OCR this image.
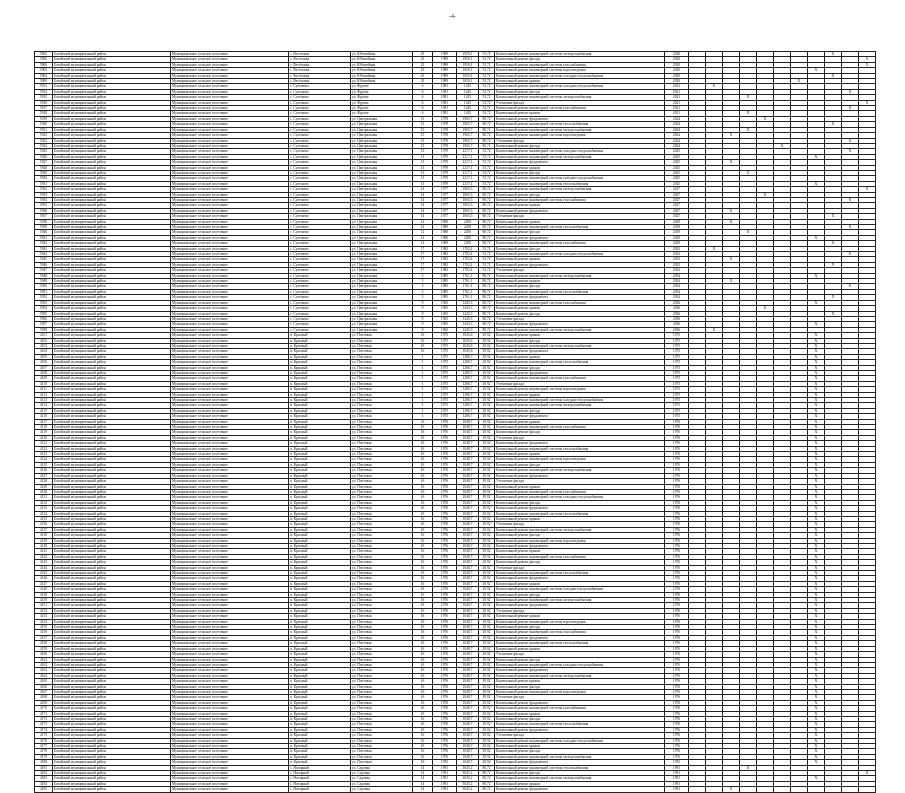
-4-
5902	Батайский муниципальный район	Муниципальное сельское поселение	с. Весёловка	ул. Юбилейная	23	1989	1950,1	53,72	Капитальный ремонт инженерной системы электроснабжения	2020									X		
5906	Батайский муниципальный район	Муниципальное сельское поселение	с. Весёловка	ул. Юбилейная	23	1989	1950,1	53,72	Капитальный ремонт фасада	2020											X
5906	Батайский муниципальный район	Муниципальное сельское поселение	с. Весёловка	ул. Юбилейная	23	1989	1950,1	53,72	Капитальный ремонт инженерной системы газоснабжения	2020											X
5905	Батайский муниципальный район	Муниципальное сельское поселение	с. Весёловка	ул. Юбилейная	23	1989	1650,1	53,72	Капитальный ремонт инженерной системы водоотведения	2020								X			
5904	Батайский муниципальный район	Муниципальное сельское поселение	с. Весёловка	ул. Юбилейная	23	1989	1650,1	53,72	Капитальный ремонт инженерной системы холодного водоснабжения	2020									X		
5909	Батайский муниципальный район	Муниципальное сельское поселение	с. Весёловка	ул. Юбилейная	23	1989	1650,1	53,72	Капитальный ремонт крыши	2020							X				
5913	Батайский муниципальный район	Муниципальное сельское поселение	с. Сулешово	ул. Фрунзе	6	1981	1245	53,72	Капитальный ремонт инженерной системы холодного водоснабжения	2021		X									
5914	Батайский муниципальный район	Муниципальное сельское поселение	с. Сулешово	ул. Фрунзе	6	1981	1245	53,72	Капитальный ремонт фасада	2021										X	
5915	Батайский муниципальный район	Муниципальное сельское поселение	с. Сулешово	ул. Фрунзе	6	1981	1245	53,72	Капитальный ремонт инженерной системы электроснабжения	2021				X							
5916	Батайский муниципальный район	Муниципальное сельское поселение	с. Сулешово	ул. Фрунзе	6	1981	1245	53,72	Утепление фасада	2021											X
5917	Батайский муниципальный район	Муниципальное сельское поселение	с. Сулешово	ул. Фрунзе	6	1981	1245	53,72	Капитальный ремонт инженерной системы газоснабжения	2021										X	
5918	Батайский муниципальный район	Муниципальное сельское поселение	с. Сулешово	ул. Фрунзе	6	1981	1245	53,72	Капитальный ремонт крыши	2021				X							
5919	Батайский муниципальный район	Муниципальное сельское поселение	с. Сулешово	ул. Центральная	15	1978	1965,7	80,72	Капитальный ремонт фундамента	2024					X						
5920	Батайский муниципальный район	Муниципальное сельское поселение	с. Сулешово	ул. Центральная	15	1978	1965,7	80,72	Капитальный ремонт инженерной системы теплоснабжения	2024									X		
5921	Батайский муниципальный район	Муниципальное сельское поселение	с. Сулешово	ул. Центральная	15	1978	1965,7	80,72	Капитальный ремонт инженерной системы электроснабжения	2024				X							
5922	Батайский муниципальный район	Муниципальное сельское поселение	с. Сулешово	ул. Центральная	15	1978	1965,7	80,72	Капитальный ремонт инженерной системы водоотведения	2024			X								
5923	Батайский муниципальный район	Муниципальное сельское поселение	с. Сулешово	ул. Центральная	15	1978	1965,7	80,72	Утепление фасада	2024										X	
5924	Батайский муниципальный район	Муниципальное сельское поселение	с. Сулешово	ул. Центральная	15	1978	1965,7	80,72	Капитальный ремонт фасада	2024						X					
5925	Батайский муниципальный район	Муниципальное сельское поселение	с. Сулешово	ул. Центральная	13	1979	2217,1	53,72	Капитальный ремонт инженерной системы холодного водоснабжения	2025										X	
5926	Батайский муниципальный район	Муниципальное сельское поселение	с. Сулешово	ул. Центральная	13	1979	2217,1	53,72	Капитальный ремонт инженерной системы электроснабжения	2025								X			
5927	Батайский муниципальный район	Муниципальное сельское поселение	с. Сулешово	ул. Центральная	13	1979	2217,1	53,72	Капитальный ремонт фундамента	2025			X								
5928	Батайский муниципальный район	Муниципальное сельское поселение	с. Сулешово	ул. Центральная	13	1979	2217,1	53,72	Капитальный ремонт крыши	2025											
5929	Батайский муниципальный район	Муниципальное сельское поселение	с. Сулешово	ул. Центральная	13	1979	2217,1	53,72	Капитальный ремонт фасада	2025				X							
5930	Батайский муниципальный район	Муниципальное сельское поселение	с. Сулешово	ул. Центральная	13	1979	2217,1	53,72	Капитальный ремонт инженерной системы холодного водоснабжения	2025											
5931	Батайский муниципальный район	Муниципальное сельское поселение	с. Сулешово	ул. Центральная	13	1979	2217,1	53,72	Капитальный ремонт инженерной системы теплоснабжения	2025								X			
5932	Батайский муниципальный район	Муниципальное сельское поселение	с. Сулешово	ул. Центральная	14	1977	1065,5	80,72	Капитальный ремонт инженерной системы электроснабжения	2027											X
5933	Батайский муниципальный район	Муниципальное сельское поселение	с. Сулешово	ул. Центральная	14	1977	1065,5	80,72	Капитальный ремонт фасада	2027					X						
5934	Батайский муниципальный район	Муниципальное сельское поселение	с. Сулешово	ул. Центральная	14	1977	1065,5	80,72	Капитальный ремонт инженерной системы газоснабжения	2027										X	
5935	Батайский муниципальный район	Муниципальное сельское поселение	с. Сулешово	ул. Центральная	14	1977	1065,5	80,72	Капитальный ремонт крыши	2027											
5936	Батайский муниципальный район	Муниципальное сельское поселение	с. Сулешово	ул. Центральная	14	1977	1065,5	80,72	Капитальный ремонт фундамента	2027			X								
5937	Батайский муниципальный район	Муниципальное сельское поселение	с. Сулешово	ул. Центральная	14	1977	1065,5	80,72	Утепление фасада	2027									X		
5938	Батайский муниципальный район	Муниципальное сельское поселение	с. Сулешово	ул. Центральная	12	1980	2200	80,72	Капитальный ремонт крыши	2029			X								
5939	Батайский муниципальный район	Муниципальное сельское поселение	с. Сулешово	ул. Центральная	12	1980	2200	80,72	Капитальный ремонт инженерной системы теплоснабжения	2029										X	
5940	Батайский муниципальный район	Муниципальное сельское поселение	с. Сулешово	ул. Центральная	12	1980	2200	80,72	Капитальный ремонт фасада	2029				X							
5941	Батайский муниципальный район	Муниципальное сельское поселение	с. Сулешово	ул. Центральная	12	1980	2200	80,72	Капитальный ремонт фундамента	2029								X			
5942	Батайский муниципальный район	Муниципальное сельское поселение	с. Сулешово	ул. Центральная	12	1980	2200	80,72	Капитальный ремонт инженерной системы газоснабжения	2029									X		
5943	Батайский муниципальный район	Муниципальное сельское поселение	с. Сулешово	ул. Центральная	17	1982	1702,4	53,72	Капитальный ремонт фасада	2032		X									
5944	Батайский муниципальный район	Муниципальное сельское поселение	с. Сулешово	ул. Центральная	17	1982	1702,4	53,72	Капитальный ремонт инженерной системы холодного водоснабжения	2032										X	
5945	Батайский муниципальный район	Муниципальное сельское поселение	с. Сулешово	ул. Центральная	17	1982	1702,4	53,72	Капитальный ремонт крыши	2032			X								
5946	Батайский муниципальный район	Муниципальное сельское поселение	с. Сулешово	ул. Центральная	17	1982	1702,4	53,72	Капитальный ремонт фундамента	2032									X		
5947	Батайский муниципальный район	Муниципальное сельское поселение	с. Сулешово	ул. Центральная	17	1982	1702,4	53,72	Утепление фасада	2032											
5948	Батайский муниципальный район	Муниципальное сельское поселение	с. Сулешово	ул. Центральная	3	1985	1761,1	80,72	Капитальный ремонт инженерной системы электроснабжения	2034								X			
5949	Батайский муниципальный район	Муниципальное сельское поселение	с. Сулешово	ул. Центральная	3	1985	1761,1	80,72	Капитальный ремонт крыши	2034			X								
5950	Батайский муниципальный район	Муниципальное сельское поселение	с. Сулешово	ул. Центральная	3	1985	1761,1	80,72	Капитальный ремонт фасада	2034										X	
5951	Батайский муниципальный район	Муниципальное сельское поселение	с. Сулешово	ул. Центральная	3	1985	1761,1	80,72	Капитальный ремонт инженерной системы теплоснабжения	2034											
5952	Батайский муниципальный район	Муниципальное сельское поселение	с. Сулешово	ул. Центральная	3	1985	1761,1	80,72	Капитальный ремонт фундамента	2034									X		
5953	Батайский муниципальный район	Муниципальное сельское поселение	с. Сулешово	ул. Центральная	9	1965	1445,3	80,72	Капитальный ремонт инженерной системы газоснабжения	2036								X			
5954	Батайский муниципальный район	Муниципальное сельское поселение	с. Сулешово	ул. Центральная	9	1965	1445,3	80,72	Капитальный ремонт крыши	2036					X						
5955	Батайский муниципальный район	Муниципальное сельское поселение	с. Сулешово	ул. Центральная	9	1965	1445,3	80,72	Капитальный ремонт фасада	2036									X		
5956	Батайский муниципальный район	Муниципальное сельское поселение	с. Сулешово	ул. Центральная	9	1965	1445,3	80,72	Утепление фасада	2036											
5957	Батайский муниципальный район	Муниципальное сельское поселение	с. Сулешово	ул. Центральная	9	1965	1445,3	80,72	Капитальный ремонт фундамента	2036								X			
5958	Батайский муниципальный район	Муниципальное сельское поселение	с. Сулешово	ул. Центральная	9	1965	1445,3	80,72	Капитальный ремонт инженерной системы электроснабжения	2036		X									
4101	Батайский муниципальный район	Муниципальное сельское поселение	п. Красный	ул. Почтовая	16	1975	1045,6	29,92	Капитальный ремонт крыши	1975								X			
4102	Батайский муниципальный район	Муниципальное сельское поселение	п. Красный	ул. Почтовая	16	1975	1045,6	29,92	Капитальный ремонт фасада	1975								X			
4103	Батайский муниципальный район	Муниципальное сельское поселение	п. Красный	ул. Почтовая	16	1975	1045,6	29,92	Капитальный ремонт инженерной системы электроснабжения	1975								X			
4104	Батайский муниципальный район	Муниципальное сельское поселение	п. Красный	ул. Почтовая	16	1975	1045,6	29,92	Капитальный ремонт фундамента	1975								X			
4105	Батайский муниципальный район	Муниципальное сельское поселение	п. Красный	ул. Почтовая	1	1975	1286,7	29,92	Капитальный ремонт крыши	1975								X			
4106	Батайский муниципальный район	Муниципальное сельское поселение	п. Красный	ул. Почтовая	1	1975	1286,7	29,92	Капитальный ремонт инженерной системы теплоснабжения	1975								X			
4107	Батайский муниципальный район	Муниципальное сельское поселение	п. Красный	ул. Почтовая	1	1975	1286,7	29,92	Капитальный ремонт фасада	1975								X			
4108	Батайский муниципальный район	Муниципальное сельское поселение	п. Красный	ул. Почтовая	1	1975	1286,7	29,92	Капитальный ремонт фундамента	1975								X			
4109	Батайский муниципальный район	Муниципальное сельское поселение	п. Красный	ул. Почтовая	1	1975	1286,7	29,92	Капитальный ремонт инженерной системы газоснабжения	1975								X			
4110	Батайский муниципальный район	Муниципальное сельское поселение	п. Красный	ул. Почтовая	1	1975	1286,7	29,92	Утепление фасада	1975								X			
4111	Батайский муниципальный район	Муниципальное сельское поселение	п. Красный	ул. Почтовая	1	1975	1286,7	29,92	Капитальный ремонт инженерной системы водоотведения	1975								X			
4112	Батайский муниципальный район	Муниципальное сельское поселение	п. Красный	ул. Почтовая	1	1975	1286,7	29,92	Капитальный ремонт крыши	1975								X			
4113	Батайский муниципальный район	Муниципальное сельское поселение	п. Красный	ул. Почтовая	1	1975	1286,7	29,92	Капитальный ремонт инженерной системы холодного водоснабжения	1975								X			
4114	Батайский муниципальный район	Муниципальное сельское поселение	п. Красный	ул. Почтовая	1	1975	1286,7	29,92	Капитальный ремонт инженерной системы электроснабжения	1975								X			
4115	Батайский муниципальный район	Муниципальное сельское поселение	п. Красный	ул. Почтовая	1	1975	1286,7	29,92	Капитальный ремонт фасада	1975								X			
4116	Батайский муниципальный район	Муниципальное сельское поселение	п. Красный	ул. Почтовая	1	1975	1286,7	29,92	Капитальный ремонт фундамента	1975								X			
4117	Батайский муниципальный район	Муниципальное сельское поселение	п. Красный	ул. Почтовая	16	1976	1048,7	29,92	Капитальный ремонт крыши	1976								X			
4118	Батайский муниципальный район	Муниципальное сельское поселение	п. Красный	ул. Почтовая	16	1976	1048,7	29,92	Капитальный ремонт инженерной системы газоснабжения	1976								X			
4119	Батайский муниципальный район	Муниципальное сельское поселение	п. Красный	ул. Почтовая	16	1976	1048,7	29,92	Капитальный ремонт фасада	1976								X			
4120	Батайский муниципальный район	Муниципальное сельское поселение	п. Красный	ул. Почтовая	16	1976	1048,7	29,92	Утепление фасада	1976								X			
4121	Батайский муниципальный район	Муниципальное сельское поселение	п. Красный	ул. Почтовая	16	1976	1048,7	29,92	Капитальный ремонт фундамента	1976								X			
4122	Батайский муниципальный район	Муниципальное сельское поселение	п. Красный	ул. Почтовая	16	1976	1048,7	29,92	Капитальный ремонт инженерной системы теплоснабжения	1976								X			
4123	Батайский муниципальный район	Муниципальное сельское поселение	п. Красный	ул. Почтовая	16	1976	1048,7	29,92	Капитальный ремонт крыши	1976								X			
4124	Батайский муниципальный район	Муниципальное сельское поселение	п. Красный	ул. Почтовая	16	1976	1048,7	29,92	Капитальный ремонт инженерной системы водоотведения	1976								X			
4125	Батайский муниципальный район	Муниципальное сельское поселение	п. Красный	ул. Почтовая	16	1976	1048,7	29,92	Капитальный ремонт фасада	1976								X			
4126	Батайский муниципальный район	Муниципальное сельское поселение	п. Красный	ул. Почтовая	16	1976	1048,7	29,92	Капитальный ремонт инженерной системы электроснабжения	1976								X			
4127	Батайский муниципальный район	Муниципальное сельское поселение	п. Красный	ул. Почтовая	16	1976	1048,7	29,92	Капитальный ремонт фундамента	1976								X			
4128	Батайский муниципальный район	Муниципальное сельское поселение	п. Красный	ул. Почтовая	16	1976	1048,7	29,92	Утепление фасада	1976								X			
4129	Батайский муниципальный район	Муниципальное сельское поселение	п. Красный	ул. Почтовая	16	1976	1048,7	29,92	Капитальный ремонт крыши	1976								X			
4130	Батайский муниципальный район	Муниципальное сельское поселение	п. Красный	ул. Почтовая	16	1976	1048,7	29,92	Капитальный ремонт инженерной системы газоснабжения	1976								X			
4131	Батайский муниципальный район	Муниципальное сельское поселение	п. Красный	ул. Почтовая	16	1976	1048,7	29,92	Капитальный ремонт инженерной системы холодного водоснабжения	1976								X			
4132	Батайский муниципальный район	Муниципальное сельское поселение	п. Красный	ул. Почтовая	16	1976	1048,7	29,92	Капитальный ремонт фасада	1976								X			
4133	Батайский муниципальный район	Муниципальное сельское поселение	п. Красный	ул. Почтовая	16	1976	1048,7	29,92	Капитальный ремонт фундамента	1976								X			
4134	Батайский муниципальный район	Муниципальное сельское поселение	п. Красный	ул. Почтовая	16	1976	1048,7	29,92	Капитальный ремонт инженерной системы теплоснабжения	1976								X			
4135	Батайский муниципальный район	Муниципальное сельское поселение	п. Красный	ул. Почтовая	16	1976	1048,7	29,92	Капитальный ремонт крыши	1976								X			
4136	Батайский муниципальный район	Муниципальное сельское поселение	п. Красный	ул. Почтовая	16	1976	1048,7	29,92	Утепление фасада	1976								X			
4137	Батайский муниципальный район	Муниципальное сельское поселение	п. Красный	ул. Почтовая	16	1976	1048,7	29,92	Капитальный ремонт инженерной системы электроснабжения	1976								X			
4138	Батайский муниципальный район	Муниципальное сельское поселение	п. Красный	ул. Почтовая	16	1976	1048,7	29,92	Капитальный ремонт фасада	1976								X			
4139	Батайский муниципальный район	Муниципальное сельское поселение	п. Красный	ул. Почтовая	16	1976	1048,7	29,92	Капитальный ремонт инженерной системы водоотведения	1976								X			
4140	Батайский муниципальный район	Муниципальное сельское поселение	п. Красный	ул. Почтовая	16	1976	1048,7	29,92	Капитальный ремонт фундамента	1976								X			
4141	Батайский муниципальный район	Муниципальное сельское поселение	п. Красный	ул. Почтовая	16	1976	1048,7	29,92	Капитальный ремонт крыши	1976								X			
4142	Батайский муниципальный район	Муниципальное сельское поселение	п. Красный	ул. Почтовая	16	1976	1048,7	29,92	Капитальный ремонт инженерной системы газоснабжения	1976								X			
4143	Батайский муниципальный район	Муниципальное сельское поселение	п. Красный	ул. Почтовая	16	1976	1048,7	29,92	Капитальный ремонт фасада	1976								X			
4144	Батайский муниципальный район	Муниципальное сельское поселение	п. Красный	ул. Почтовая	16	1976	1048,7	29,92	Утепление фасада	1976								X			
4145	Батайский муниципальный район	Муниципальное сельское поселение	п. Красный	ул. Почтовая	16	1976	1048,7	29,92	Капитальный ремонт инженерной системы теплоснабжения	1976								X			
4146	Батайский муниципальный район	Муниципальное сельское поселение	п. Красный	ул. Почтовая	16	1976	1048,7	29,92	Капитальный ремонт фундамента	1976								X			
4147	Батайский муниципальный район	Муниципальное сельское поселение	п. Красный	ул. Почтовая	16	1976	1048,7	29,92	Капитальный ремонт крыши	1976								X			
4148	Батайский муниципальный район	Муниципальное сельское поселение	п. Красный	ул. Почтовая	16	1976	1048,7	29,92	Капитальный ремонт инженерной системы холодного водоснабжения	1976								X			
4149	Батайский муниципальный район	Муниципальное сельское поселение	п. Красный	ул. Почтовая	16	1976	1048,7	29,92	Капитальный ремонт фасада	1976								X			
4150	Батайский муниципальный район	Муниципальное сельское поселение	п. Красный	ул. Почтовая	16	1976	1048,7	29,92	Капитальный ремонт инженерной системы электроснабжения	1976								X			
4151	Батайский муниципальный район	Муниципальное сельское поселение	п. Красный	ул. Почтовая	16	1976	1048,7	29,92	Капитальный ремонт фундамента	1976								X			
4152	Батайский муниципальный район	Муниципальное сельское поселение	п. Красный	ул. Почтовая	16	1976	1048,7	29,92	Утепление фасада	1976								X			
4153	Батайский муниципальный район	Муниципальное сельское поселение	п. Красный	ул. Почтовая	16	1976	1048,7	29,92	Капитальный ремонт крыши	1976								X			
4154	Батайский муниципальный район	Муниципальное сельское поселение	п. Красный	ул. Почтовая	16	1976	1048,7	29,92	Капитальный ремонт инженерной системы водоотведения	1976								X			
4155	Батайский муниципальный район	Муниципальное сельское поселение	п. Красный	ул. Почтовая	16	1976	1048,7	29,92	Капитальный ремонт фасада	1976								X			
4156	Батайский муниципальный район	Муниципальное сельское поселение	п. Красный	ул. Почтовая	16	1976	1048,7	29,92	Капитальный ремонт инженерной системы газоснабжения	1976								X			
4157	Батайский муниципальный район	Муниципальное сельское поселение	п. Красный	ул. Почтовая	16	1976	1048,7	29,92	Капитальный ремонт фундамента	1976								X			
4158	Батайский муниципальный район	Муниципальное сельское поселение	п. Красный	ул. Почтовая	16	1976	1048,7	29,92	Капитальный ремонт инженерной системы теплоснабжения	1976								X			
4159	Батайский муниципальный район	Муниципальное сельское поселение	п. Красный	ул. Почтовая	16	1976	1048,7	29,92	Капитальный ремонт крыши	1976								X			
4160	Батайский муниципальный район	Муниципальное сельское поселение	п. Красный	ул. Почтовая	16	1976	1048,7	29,92	Утепление фасада	1976								X			
4161	Батайский муниципальный район	Муниципальное сельское поселение	п. Красный	ул. Почтовая	16	1976	1048,7	29,92	Капитальный ремонт фасада	1976								X			
4162	Батайский муниципальный район	Муниципальное сельское поселение	п. Красный	ул. Почтовая	16	1976	1048,7	29,92	Капитальный ремонт инженерной системы холодного водоснабжения	1976								X			
4163	Батайский муниципальный район	Муниципальное сельское поселение	п. Красный	ул. Почтовая	16	1976	1048,7	29,92	Капитальный ремонт фундамента	1976								X			
4164	Батайский муниципальный район	Муниципальное сельское поселение	п. Красный	ул. Почтовая	16	1976	1048,7	29,92	Капитальный ремонт инженерной системы электроснабжения	1976								X			
4165	Батайский муниципальный район	Муниципальное сельское поселение	п. Красный	ул. Почтовая	16	1976	1048,7	29,92	Капитальный ремонт крыши	1976								X			
4166	Батайский муниципальный район	Муниципальное сельское поселение	п. Красный	ул. Почтовая	16	1976	1048,7	29,92	Капитальный ремонт фасада	1976								X			
4167	Батайский муниципальный район	Муниципальное сельское поселение	п. Красный	ул. Почтовая	16	1976	1048,7	29,92	Капитальный ремонт инженерной системы водоотведения	1976								X			
4168	Батайский муниципальный район	Муниципальное сельское поселение	п. Красный	ул. Почтовая	16	1976	1048,7	29,92	Утепление фасада	1976								X			
4169	Батайский муниципальный район	Муниципальное сельское поселение	п. Красный	ул. Почтовая	16	1976	1048,7	29,92	Капитальный ремонт фундамента	1976								X			
4170	Батайский муниципальный район	Муниципальное сельское поселение	п. Красный	ул. Почтовая	16	1976	1048,7	29,92	Капитальный ремонт инженерной системы газоснабжения	1976								X			
4171	Батайский муниципальный район	Муниципальное сельское поселение	п. Красный	ул. Почтовая	16	1976	1048,7	29,92	Капитальный ремонт крыши	1976								X			
4172	Батайский муниципальный район	Муниципальное сельское поселение	п. Красный	ул. Почтовая	16	1976	1048,7	29,92	Капитальный ремонт фасада	1976								X			
4173	Батайский муниципальный район	Муниципальное сельское поселение	п. Красный	ул. Почтовая	16	1976	1048,7	29,92	Капитальный ремонт инженерной системы теплоснабжения	1976								X			
4174	Батайский муниципальный район	Муниципальное сельское поселение	п. Красный	ул. Почтовая	16	1976	1048,7	29,92	Капитальный ремонт фундамента	1976								X			
4175	Батайский муниципальный район	Муниципальное сельское поселение	п. Красный	ул. Почтовая	16	1976	1048,7	29,92	Утепление фасада	1976								X			
4176	Батайский муниципальный район	Муниципальное сельское поселение	п. Красный	ул. Почтовая	16	1976	1048,7	29,92	Капитальный ремонт инженерной системы холодного водоснабжения	1976								X			
4177	Батайский муниципальный район	Муниципальное сельское поселение	п. Красный	ул. Почтовая	16	1976	1048,7	29,92	Капитальный ремонт крыши	1976								X			
4178	Батайский муниципальный район	Муниципальное сельское поселение	п. Красный	ул. Почтовая	16	1976	1048,7	29,92	Капитальный ремонт фасада	1976								X			
4179	Батайский муниципальный район	Муниципальное сельское поселение	п. Красный	ул. Почтовая	16	1976	1048,7	29,92	Капитальный ремонт инженерной системы электроснабжения	1976								X			
4180	Батайский муниципальный район	Муниципальное сельское поселение	п. Красный	ул. Почтовая	16	1976	1048,7	29,92	Капитальный ремонт фундамента	1976								X			
4181	Батайский муниципальный район	Муниципальное сельское поселение	с. Нагорный	ул. Садовая	14	1991	3045,2	80,72	Капитальный ремонт инженерной системы теплоснабжения	1991				X							
4182	Батайский муниципальный район	Муниципальное сельское поселение	с. Нагорный	ул. Садовая	14	1991	3045,2	80,72	Капитальный ремонт фасада	1991											X
4183	Батайский муниципальный район	Муниципальное сельское поселение	с. Нагорный	ул. Садовая	14	1991	3045,2	80,72	Капитальный ремонт инженерной системы электроснабжения	1991								X			
4184	Батайский муниципальный район	Муниципальное сельское поселение	с. Нагорный	ул. Садовая	14	1991	3045,2	80,72	Капитальный ремонт крыши	1991											
4185	Батайский муниципальный район	Муниципальное сельское поселение	с. Нагорный	ул. Садовая	14	1991	3045,2	80,72	Капитальный ремонт фундамента	1991			X								
